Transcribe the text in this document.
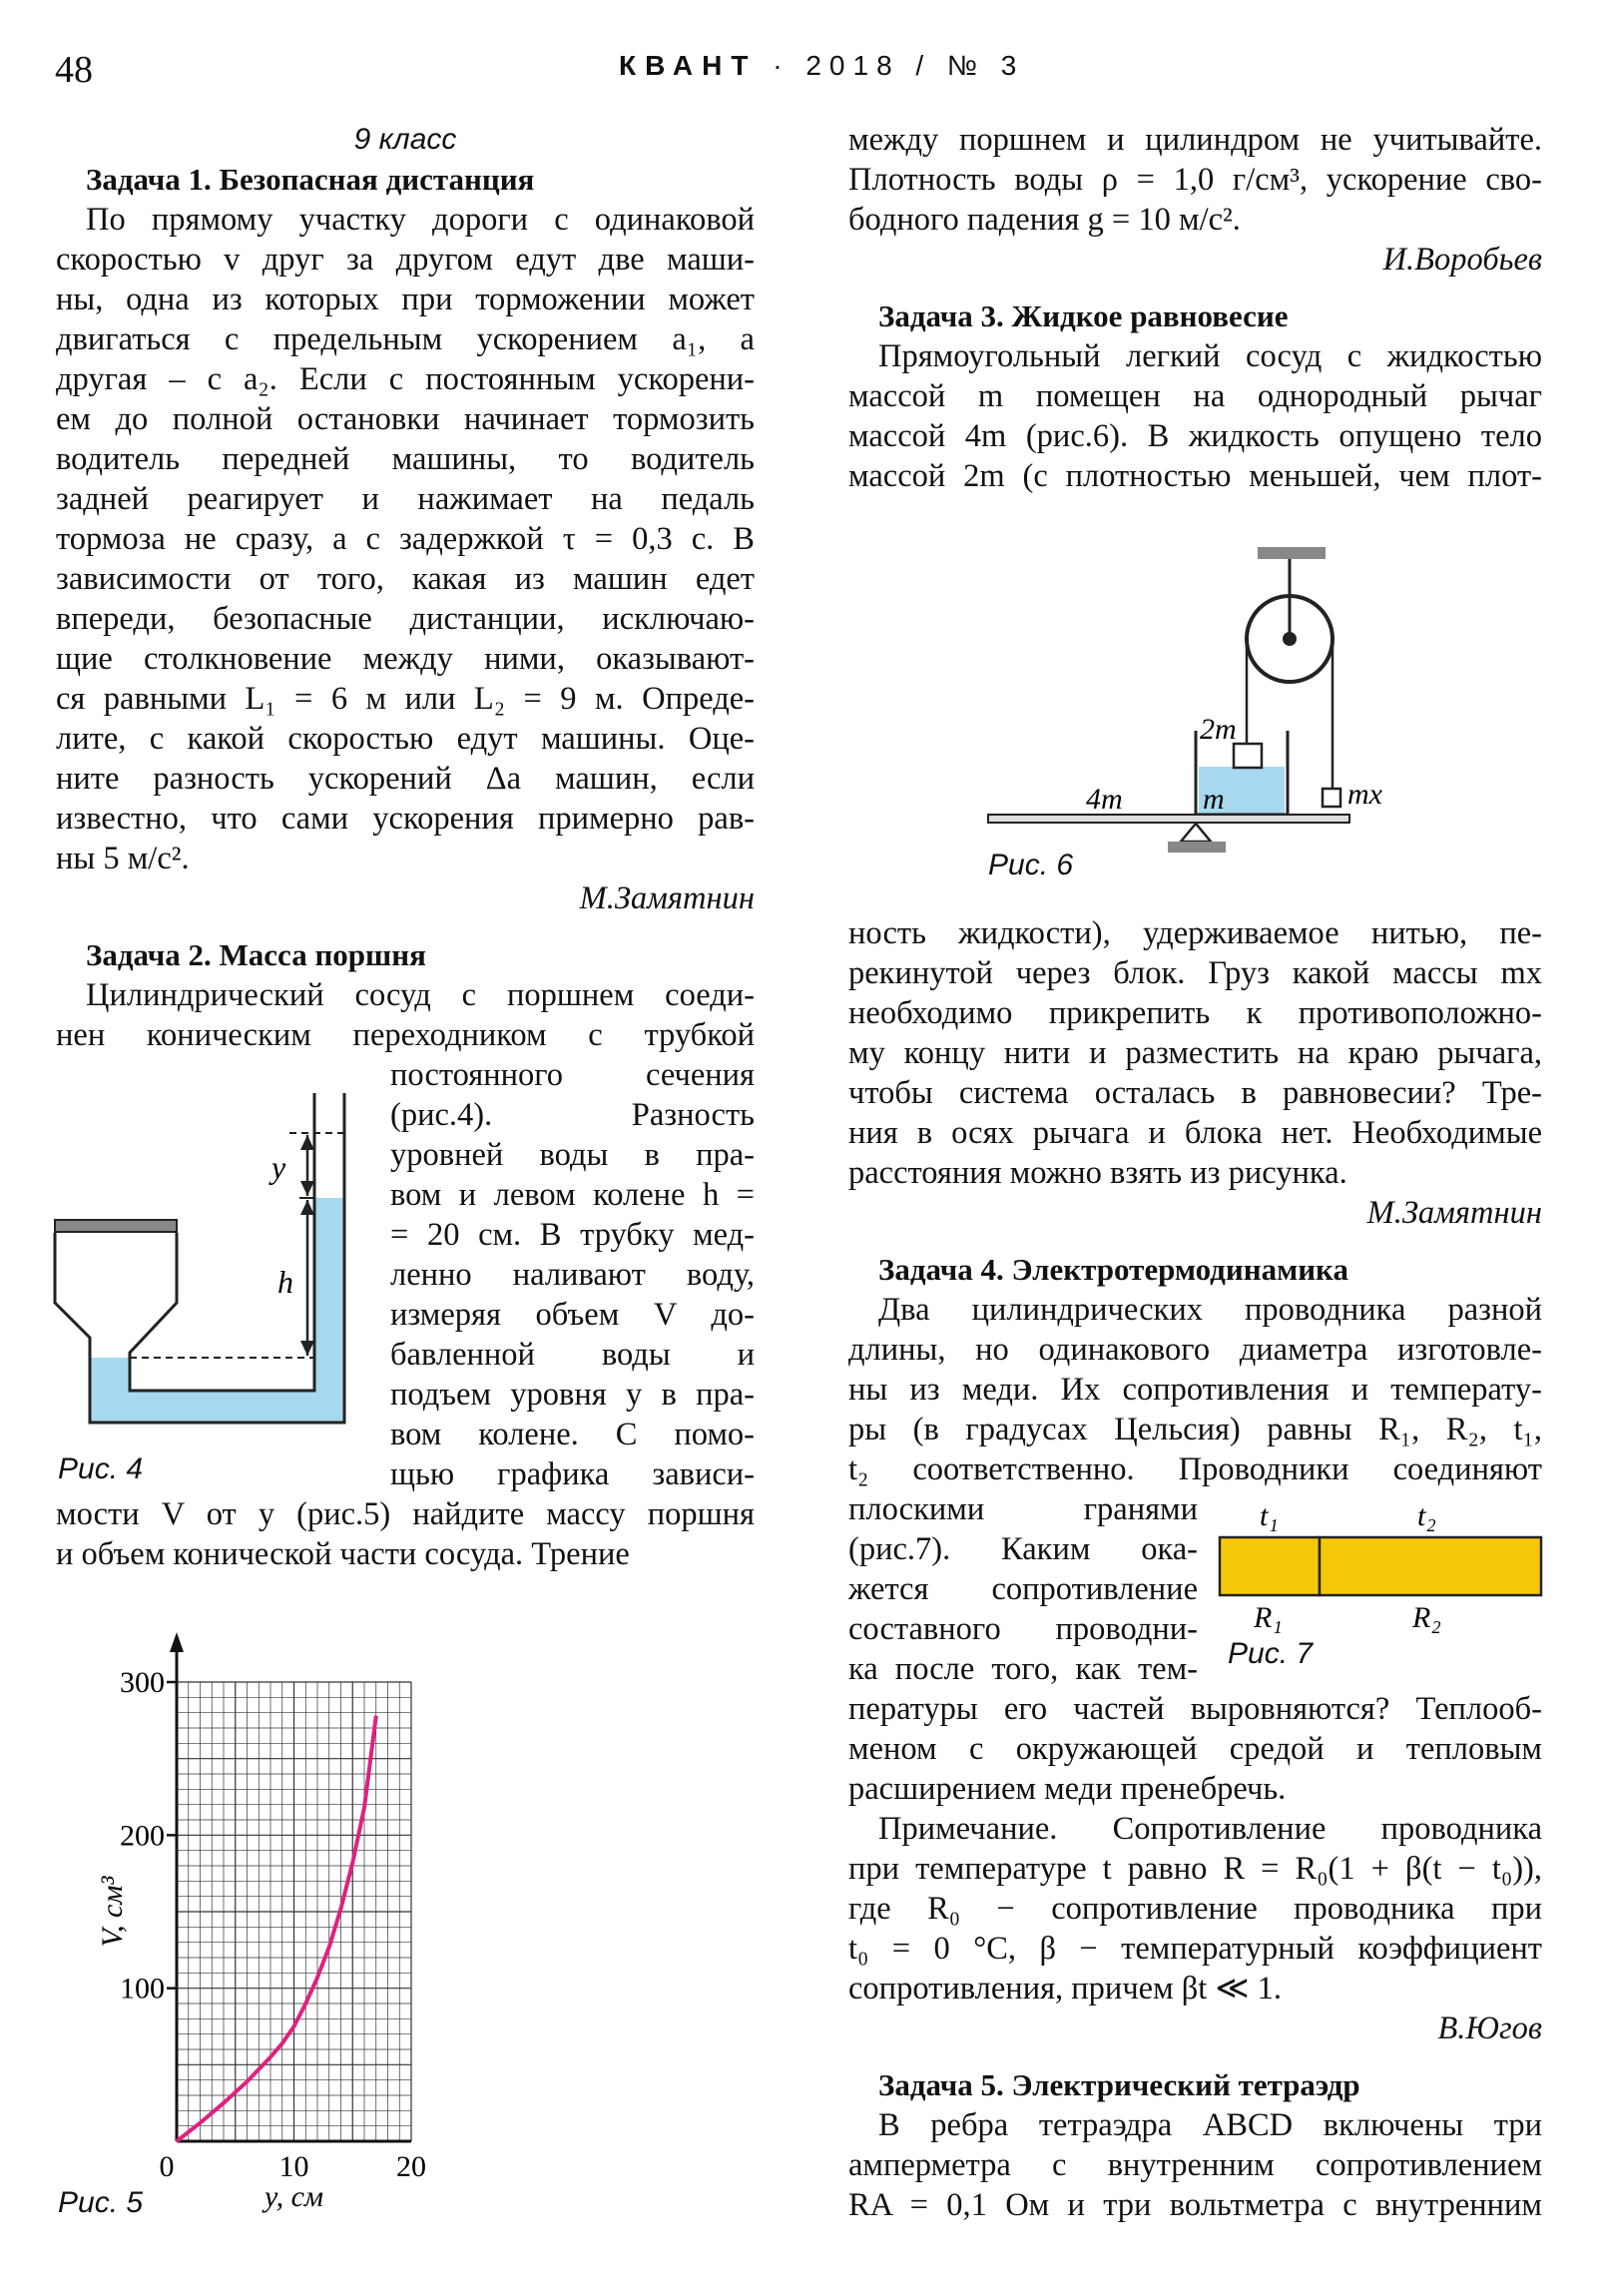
48	КВАНТ · 2018 / № 3
9 класс
Задача 1. Безопасная дистанция
По прямому участку дороги с одинаковой
скоростью v друг за другом едут две маши-
ны, одна из которых при торможении может
двигаться с предельным ускорением a₁, а
другая – с a₂. Если с постоянным ускорени-
ем до полной остановки начинает тормозить
водитель передней машины, то водитель
задней реагирует и нажимает на педаль
тормоза не сразу, а с задержкой τ = 0,3 с. В
зависимости от того, какая из машин едет
впереди, безопасные дистанции, исключаю-
щие столкновение между ними, оказывают-
ся равными L₁ = 6 м или L₂ = 9 м. Опреде-
лите, с какой скоростью едут машины. Оце-
ните разность ускорений Δa машин, если
известно, что сами ускорения примерно рав-
ны 5 м/с².
М.Замятнин
Задача 2. Масса поршня
Цилиндрический сосуд с поршнем соеди-
нен коническим переходником с трубкой
постоянного сечения
(рис.4). Разность
уровней воды в пра-
вом и левом колене h =
= 20 см. В трубку мед-
ленно наливают воду,
измеряя объем V до-
бавленной воды и
подъем уровня y в пра-
вом колене. С помо-
щью графика зависи-
мости V от y (рис.5) найдите массу поршня
и объем конической части сосуда. Трение
y
h
Рис. 4
100
200
300
0	10	20
V, см³
y, см
Рис. 5
между поршнем и цилиндром не учитывайте.
Плотность воды ρ = 1,0 г/см³, ускорение сво-
бодного падения g = 10 м/с².
И.Воробьев
Задача 3. Жидкое равновесие
Прямоугольный легкий сосуд с жидкостью
массой m помещен на однородный рычаг
массой 4m (рис.6). В жидкость опущено тело
массой 2m (с плотностью меньшей, чем плот-
2m
4m	m	mx
Рис. 6
ность жидкости), удерживаемое нитью, пе-
рекинутой через блок. Груз какой массы mx
необходимо прикрепить к противоположно-
му концу нити и разместить на краю рычага,
чтобы система осталась в равновесии? Тре-
ния в осях рычага и блока нет. Необходимые
расстояния можно взять из рисунка.
М.Замятнин
Задача 4. Электротермодинамика
Два цилиндрических проводника разной
длины, но одинакового диаметра изготовле-
ны из меди. Их сопротивления и температу-
ры (в градусах Цельсия) равны R₁, R₂, t₁,
t₂ соответственно. Проводники соединяют
плоскими гранями
(рис.7). Каким ока-
жется сопротивление
составного проводни-
ка после того, как тем-
пературы его частей выровняются? Теплооб-
меном с окружающей средой и тепловым
расширением меди пренебречь.
Примечание. Сопротивление проводника
при температуре t равно R = R₀(1 + β(t − t₀)),
где R₀ − сопротивление проводника при
t₀ = 0 °C, β − температурный коэффициент
сопротивления, причем βt ≪ 1.
В.Югов
Задача 5. Электрический тетраэдр
В ребра тетраэдра ABCD включены три
амперметра с внутренним сопротивлением
RA = 0,1 Ом и три вольтметра с внутренним
t₁	t₂
R₁	R₂
Рис. 7
